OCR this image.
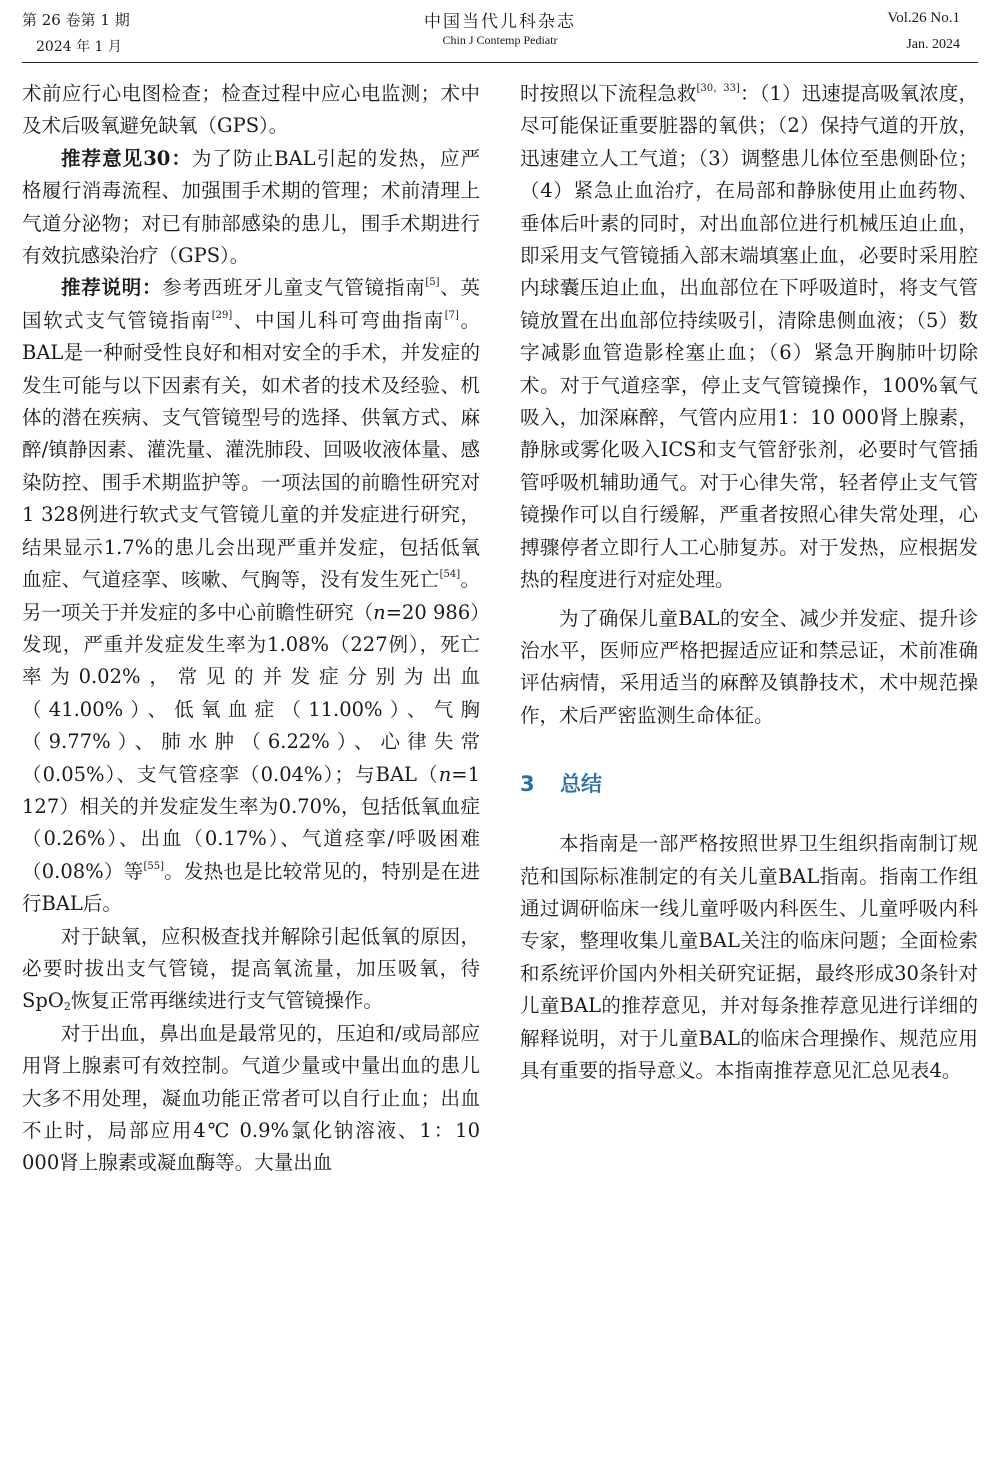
第 26 卷第 1 期
2024 年 1 月
中国当代儿科杂志
Chin J Contemp Pediatr
Vol.26 No.1
Jan. 2024

术前应行心电图检查；检查过程中应心电监测；术中及术后吸氧避免缺氧（GPS）。

推荐意见30：为了防止BAL引起的发热，应严格履行消毒流程、加强围手术期的管理；术前清理上气道分泌物；对已有肺部感染的患儿，围手术期进行有效抗感染治疗（GPS）。

推荐说明：参考西班牙儿童支气管镜指南[5]、英国软式支气管镜指南[29]、中国儿科可弯曲指南[7]。BAL是一种耐受性良好和相对安全的手术，并发症的发生可能与以下因素有关，如术者的技术及经验、机体的潜在疾病、支气管镜型号的选择、供氧方式、麻醉/镇静因素、灌洗量、灌洗肺段、回吸收液体量、感染防控、围手术期监护等。一项法国的前瞻性研究对1 328例进行软式支气管镜儿童的并发症进行研究，结果显示1.7%的患儿会出现严重并发症，包括低氧血症、气道痉挛、咳嗽、气胸等，没有发生死亡[54]。另一项关于并发症的多中心前瞻性研究（n=20 986）发现，严重并发症发生率为1.08%（227例），死亡率为0.02%，常见的并发症分别为出血（41.00%）、低氧血症（11.00%）、气胸（9.77%）、肺水肿（6.22%）、心律失常（0.05%）、支气管痉挛（0.04%）；与BAL（n=1 127）相关的并发症发生率为0.70%，包括低氧血症（0.26%）、出血（0.17%）、气道痉挛/呼吸困难（0.08%）等[55]。发热也是比较常见的，特别是在进行BAL后。

对于缺氧，应积极查找并解除引起低氧的原因，必要时拔出支气管镜，提高氧流量，加压吸氧，待SpO$_2$恢复正常再继续进行支气管镜操作。

对于出血，鼻出血是最常见的，压迫和/或局部应用肾上腺素可有效控制。气道少量或中量出血的患儿大多不用处理，凝血功能正常者可以自行止血；出血不止时，局部应用4℃ 0.9%氯化钠溶液、1：10 000肾上腺素或凝血酶等。大量出血

时按照以下流程急救[30，33]：（1）迅速提高吸氧浓度，尽可能保证重要脏器的氧供；（2）保持气道的开放，迅速建立人工气道；（3）调整患儿体位至患侧卧位；（4）紧急止血治疗，在局部和静脉使用止血药物、垂体后叶素的同时，对出血部位进行机械压迫止血，即采用支气管镜插入部末端填塞止血，必要时采用腔内球囊压迫止血，出血部位在下呼吸道时，将支气管镜放置在出血部位持续吸引，清除患侧血液；（5）数字减影血管造影栓塞止血；（6）紧急开胸肺叶切除术。对于气道痉挛，停止支气管镜操作，100%氧气吸入，加深麻醉，气管内应用1：10 000肾上腺素，静脉或雾化吸入ICS和支气管舒张剂，必要时气管插管呼吸机辅助通气。对于心律失常，轻者停止支气管镜操作可以自行缓解，严重者按照心律失常处理，心搏骤停者立即行人工心肺复苏。对于发热，应根据发热的程度进行对症处理。

为了确保儿童BAL的安全、减少并发症、提升诊治水平，医师应严格把握适应证和禁忌证，术前准确评估病情，采用适当的麻醉及镇静技术，术中规范操作，术后严密监测生命体征。

3 总结

本指南是一部严格按照世界卫生组织指南制订规范和国际标准制定的有关儿童BAL指南。指南工作组通过调研临床一线儿童呼吸内科医生、儿童呼吸内科专家，整理收集儿童BAL关注的临床问题；全面检索和系统评价国内外相关研究证据，最终形成30条针对儿童BAL的推荐意见，并对每条推荐意见进行详细的解释说明，对于儿童BAL的临床合理操作、规范应用具有重要的指导意义。本指南推荐意见汇总见表4。
